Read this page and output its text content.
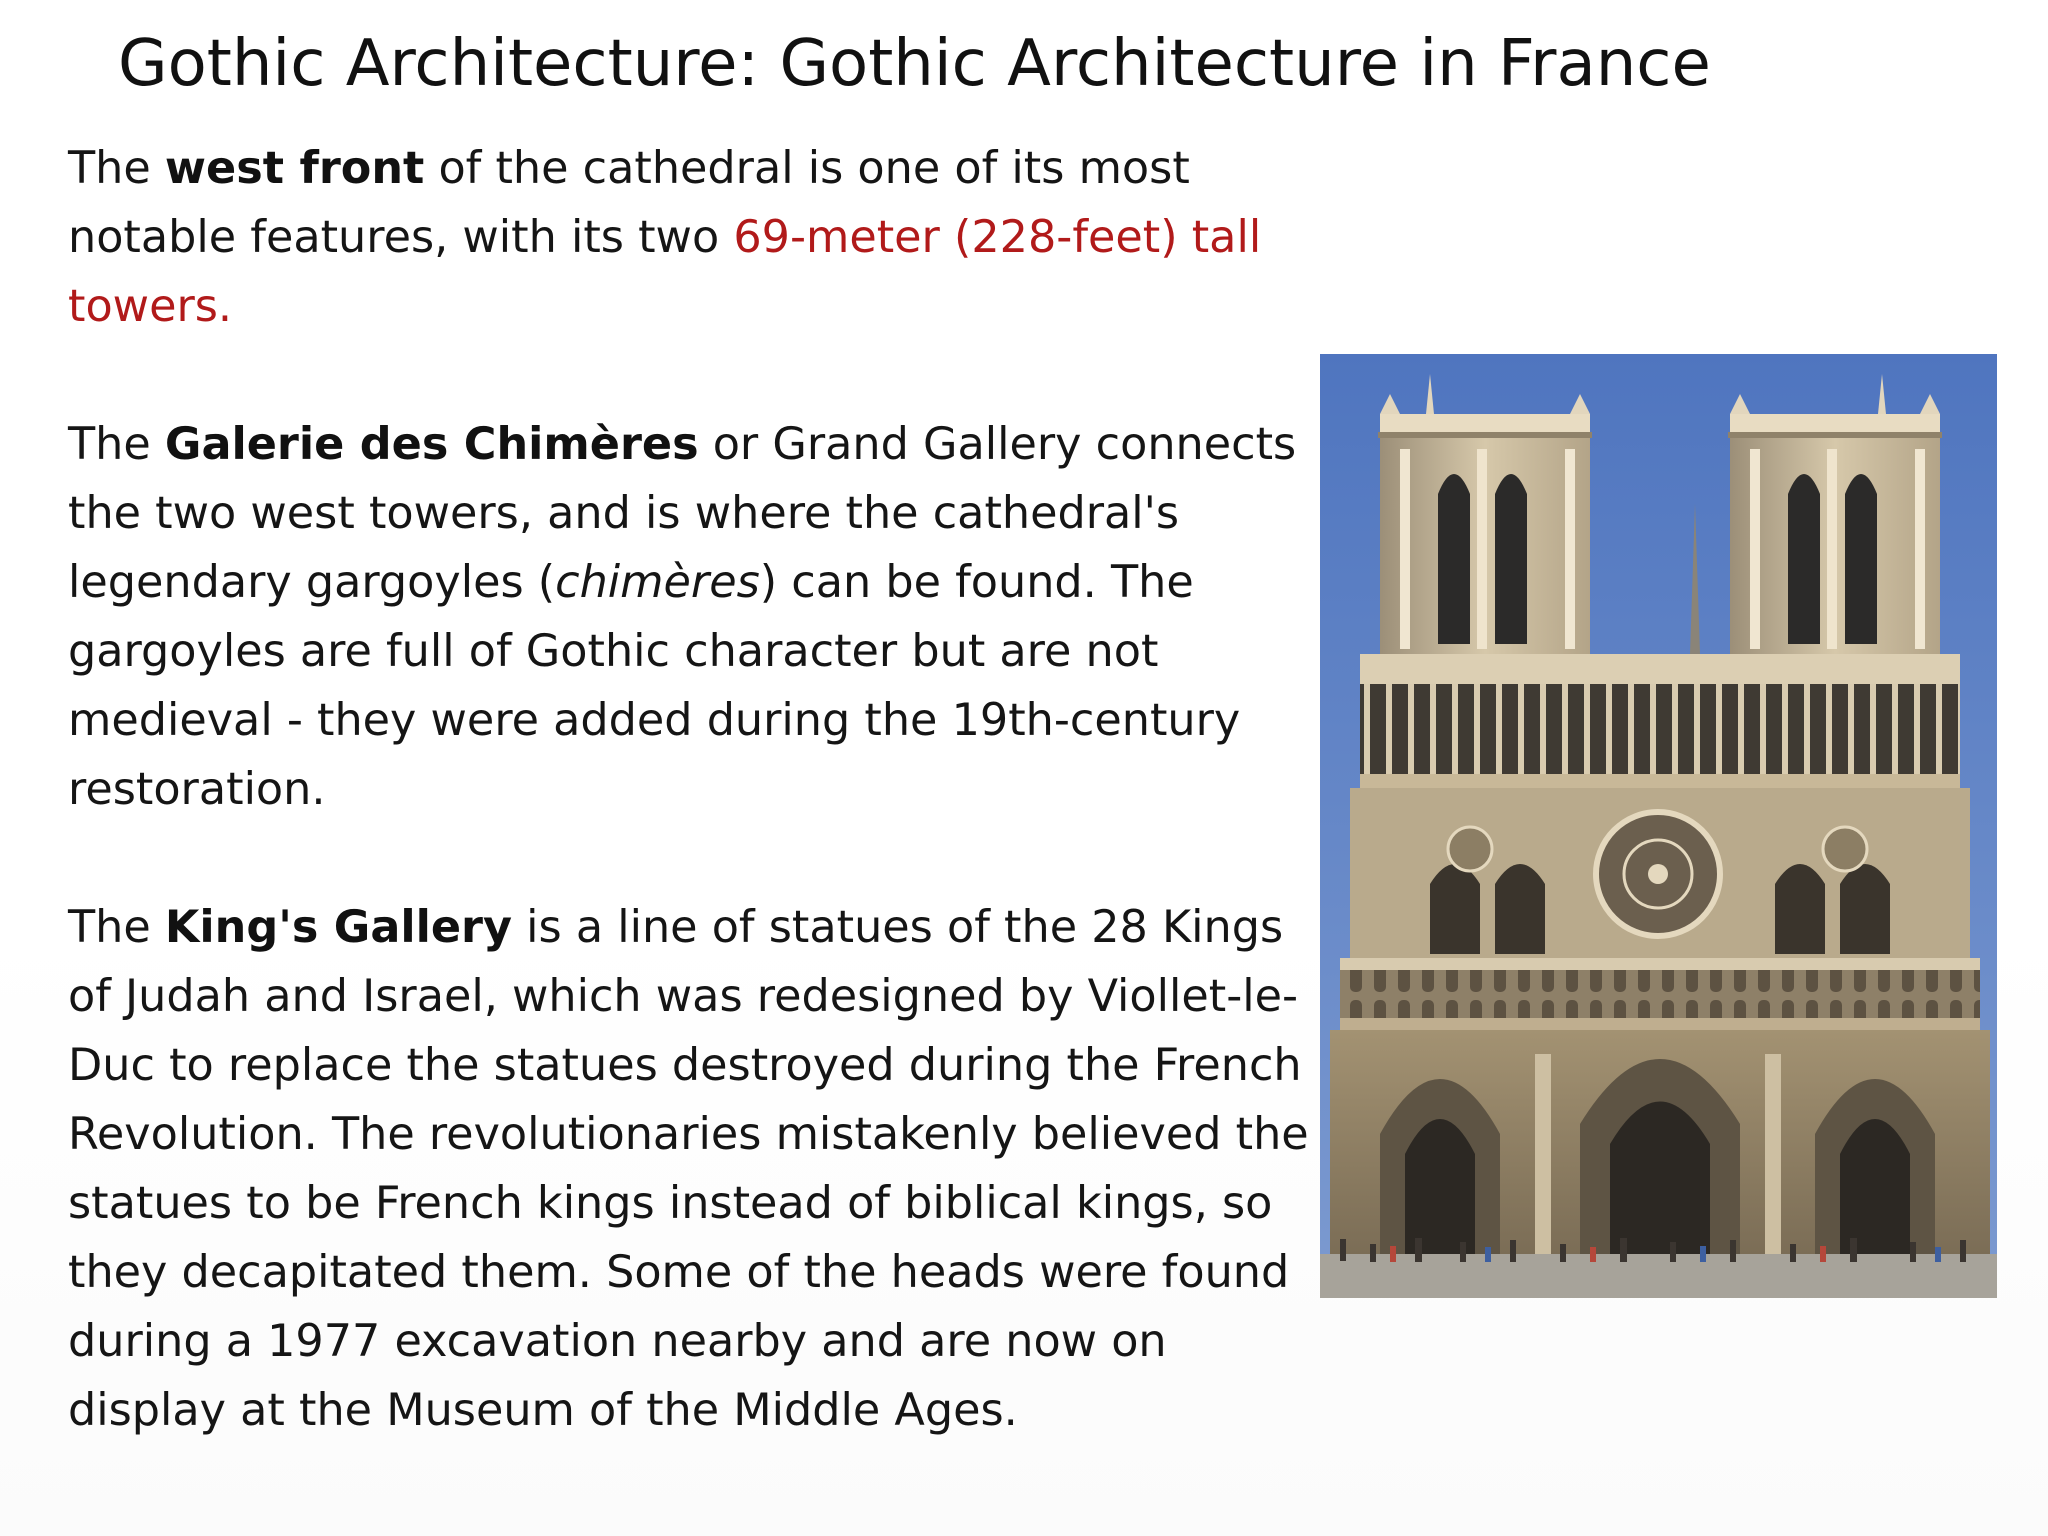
Gothic Architecture: Gothic Architecture in France

The west front of the cathedral is one of its most notable features, with its two 69-meter (228-feet) tall towers.

The Galerie des Chimères or Grand Gallery connects the two west towers, and is where the cathedral's legendary gargoyles (chimères) can be found. The gargoyles are full of Gothic character but are not medieval - they were added during the 19th-century restoration.

The King's Gallery is a line of statues of the 28 Kings of Judah and Israel, which was redesigned by Viollet-le-Duc to replace the statues destroyed during the French Revolution. The revolutionaries mistakenly believed the statues to be French kings instead of biblical kings, so they decapitated them. Some of the heads were found during a 1977 excavation nearby and are now on display at the Museum of the Middle Ages.
